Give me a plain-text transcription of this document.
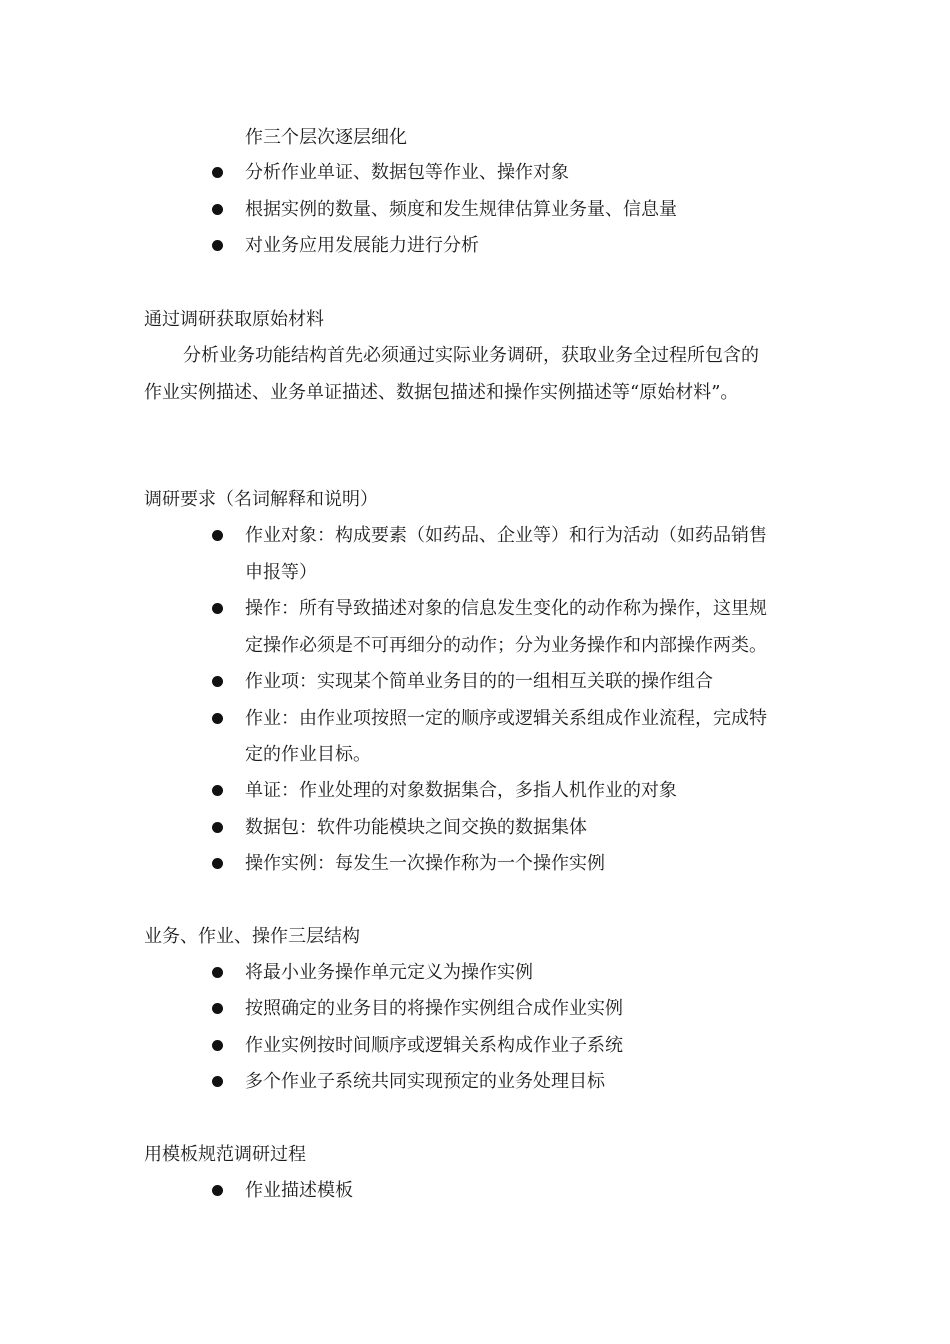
作三个层次逐层细化
分析作业单证、数据包等作业、操作对象
根据实例的数量、频度和发生规律估算业务量、信息量
对业务应用发展能力进行分析
通过调研获取原始材料
分析业务功能结构首先必须通过实际业务调研，获取业务全过程所包含的
作业实例描述、业务单证描述、数据包描述和操作实例描述等“原始材料”。
调研要求（名词解释和说明）
作业对象：构成要素（如药品、企业等）和行为活动（如药品销售
申报等）
操作：所有导致描述对象的信息发生变化的动作称为操作，这里规
定操作必须是不可再细分的动作；分为业务操作和内部操作两类。
作业项：实现某个简单业务目的的一组相互关联的操作组合
作业：由作业项按照一定的顺序或逻辑关系组成作业流程，完成特
定的作业目标。
单证：作业处理的对象数据集合，多指人机作业的对象
数据包：软件功能模块之间交换的数据集体
操作实例：每发生一次操作称为一个操作实例
业务、作业、操作三层结构
将最小业务操作单元定义为操作实例
按照确定的业务目的将操作实例组合成作业实例
作业实例按时间顺序或逻辑关系构成作业子系统
多个作业子系统共同实现预定的业务处理目标
用模板规范调研过程
作业描述模板
